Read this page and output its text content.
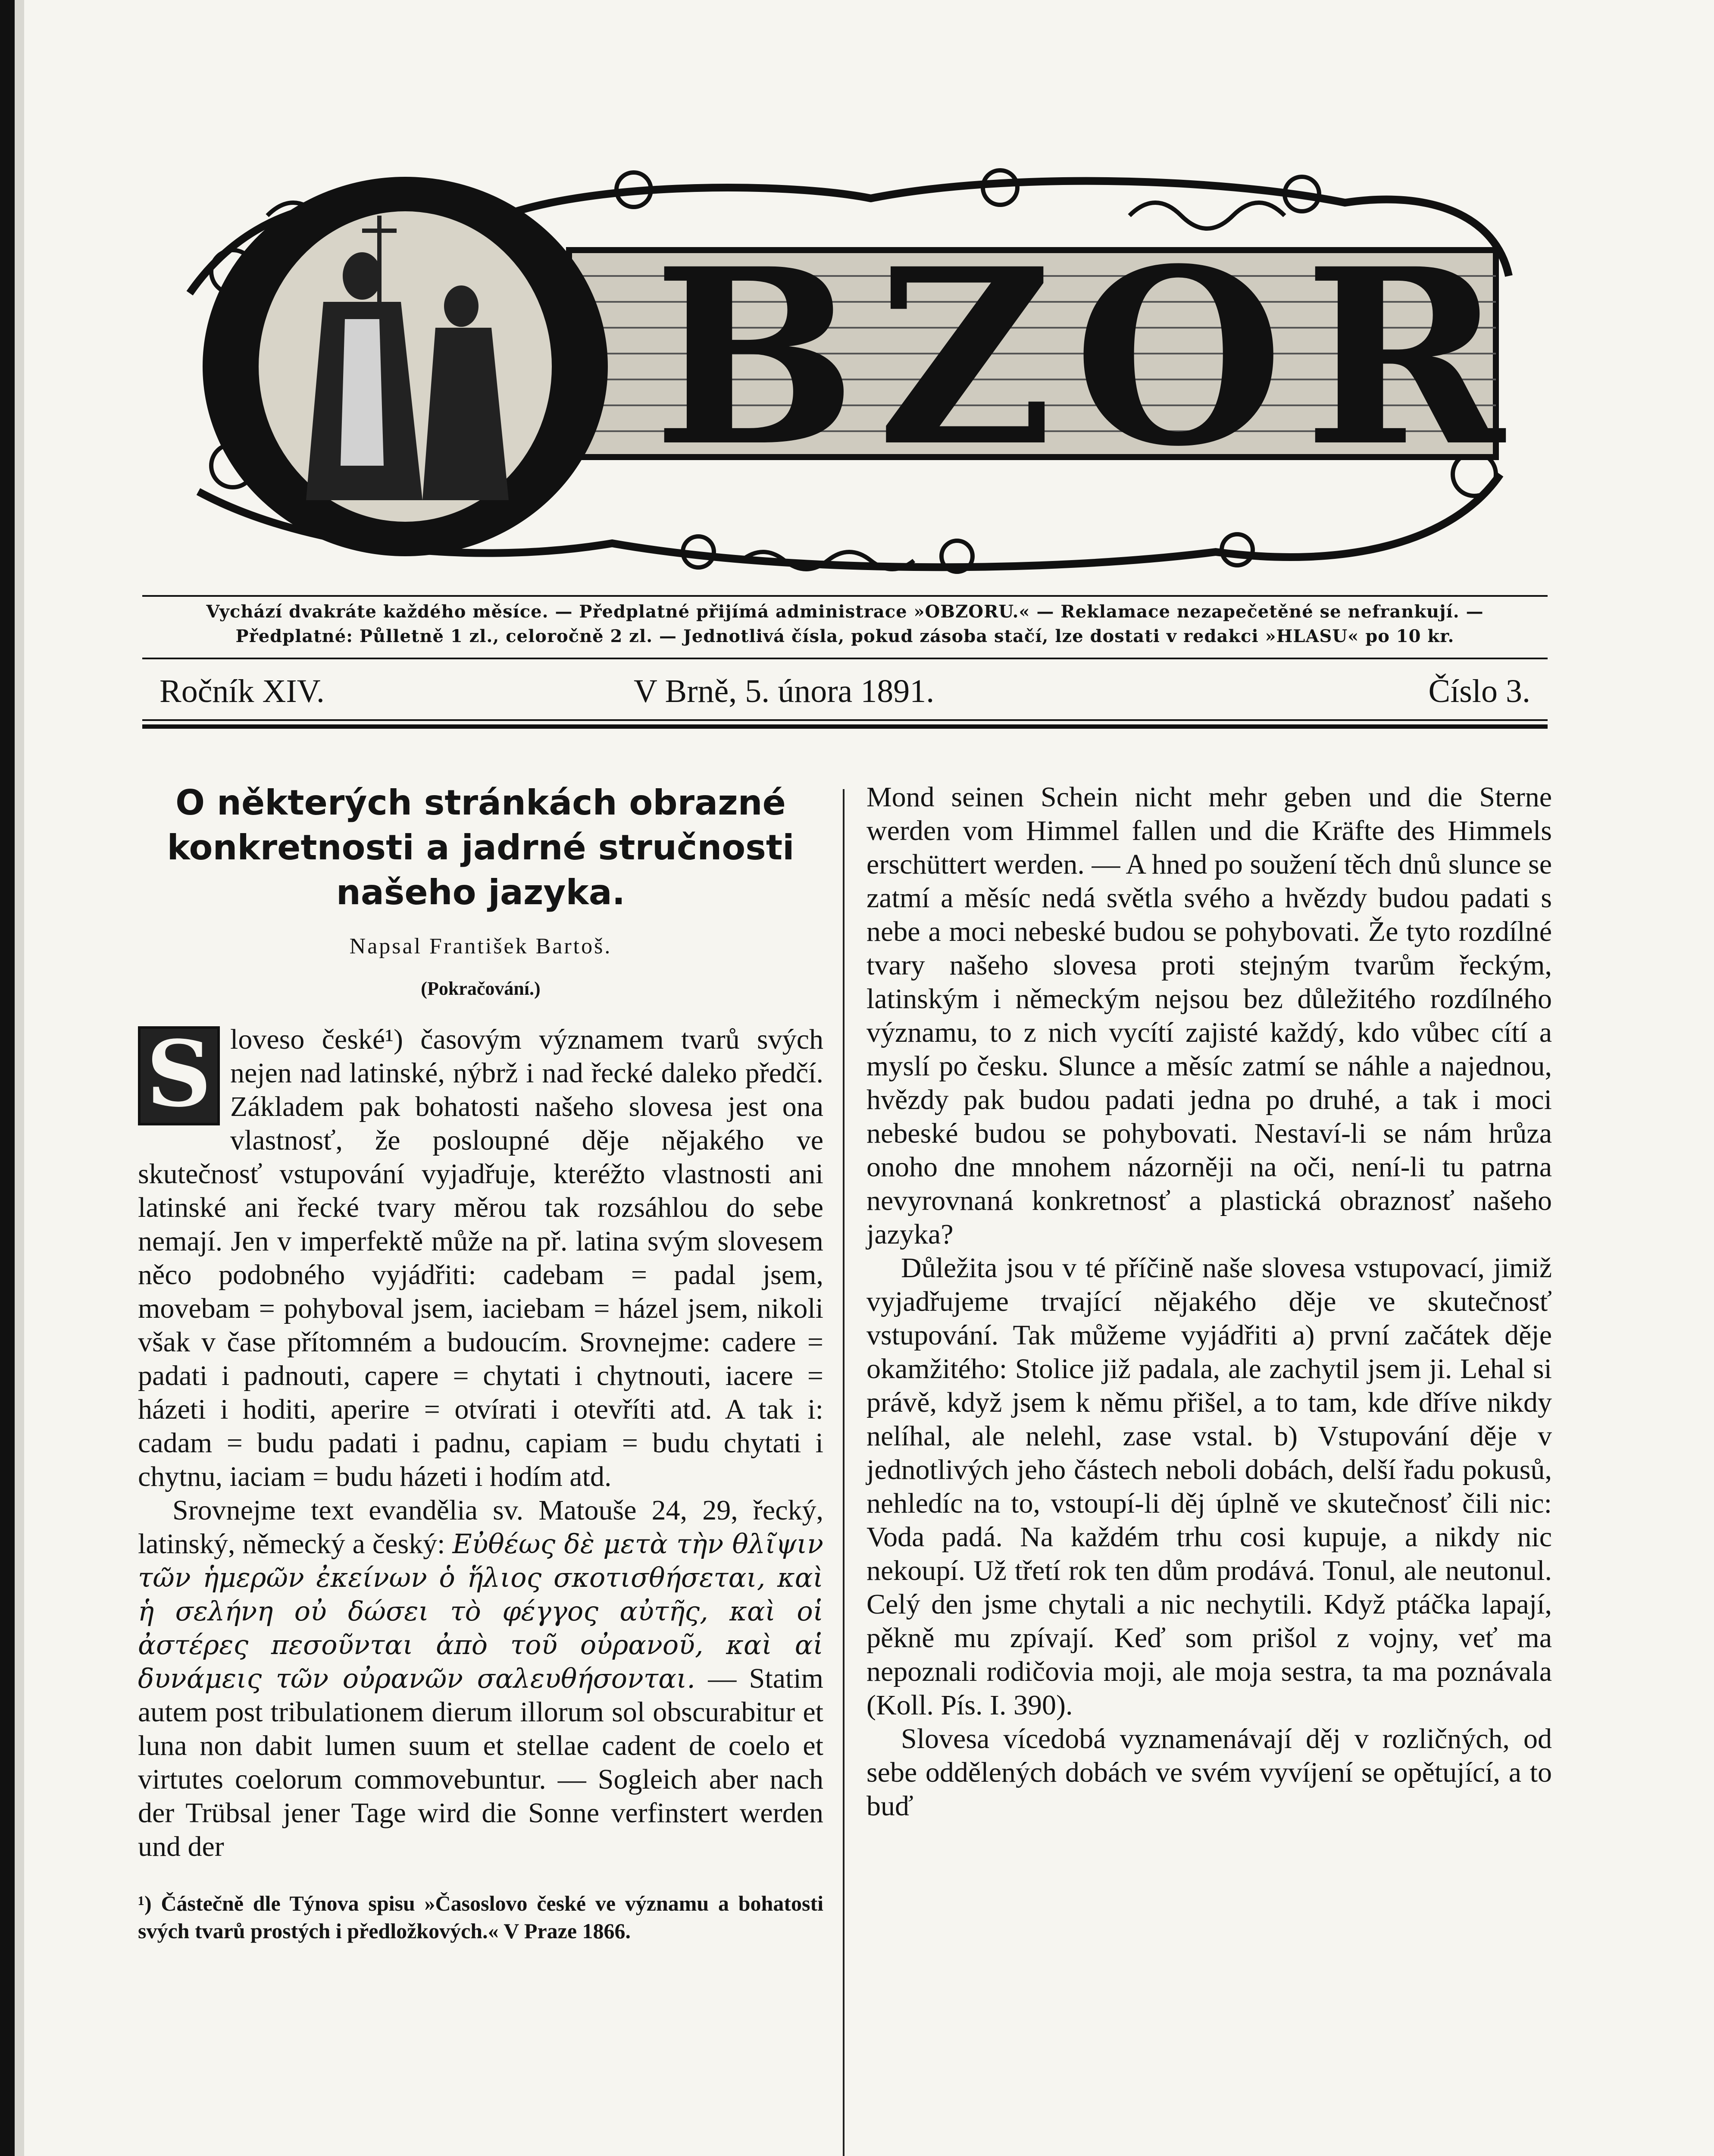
B Z O R
Vychází dvakráte každého měsíce. — Předplatné přijímá administrace »OBZORU.« — Reklamace nezapečetěné se nefrankují. —
Předplatné: Půlletně 1 zl., celoročně 2 zl. — Jednotlivá čísla, pokud zásoba stačí, lze dostati v redakci »HLASU« po 10 kr.
Ročník XIV.	V Brně, 5. února 1891.	Číslo 3.
O některých stránkách obrazné konkretnosti a jadrné stručnosti našeho jazyka.
Napsal František Bartoš.
(Pokračování.)

S loveso české¹) časovým významem tvarů svých nejen nad latinské, nýbrž i nad řecké daleko předčí. Základem pak bohatosti našeho slovesa jest ona vlastnosť, že posloupné děje nějakého ve skutečnosť vstupování vyjadřuje, kteréžto vlastnosti ani latinské ani řecké tvary měrou tak rozsáhlou do sebe nemají. Jen v imperfektě může na př. latina svým slovesem něco podobného vyjádřiti: cadebam = padal jsem, movebam = pohyboval jsem, iaciebam = házel jsem, nikoli však v čase přítomném a budoucím. Srovnejme: cadere = padati i padnouti, capere = chytati i chytnouti, iacere = házeti i hoditi, aperire = otvírati i otevříti atd. A tak i: cadam = budu padati i padnu, capiam = budu chytati i chytnu, iaciam = budu házeti i hodím atd.

Srovnejme text evandělia sv. Matouše 24, 29, řecký, latinský, německý a český: Εὐθέως δὲ μετὰ τὴν θλῖψιν τῶν ἡμερῶν ἐκείνων ὁ ἥλιος σκοτισθήσεται, καὶ ἡ σελήνη οὐ δώσει τὸ φέγγος αὐτῆς, καὶ οἱ ἀστέρες πεσοῦνται ἀπὸ τοῦ οὐρανοῦ, καὶ αἱ δυνάμεις τῶν οὐρανῶν σαλευθήσονται. — Statim autem post tribulationem dierum illorum sol obscurabitur et luna non dabit lumen suum et stellae cadent de coelo et virtutes coelorum commovebuntur. — Sogleich aber nach der Trübsal jener Tage wird die Sonne verfinstert werden und der

¹) Částečně dle Týnova spisu »Časoslovo české ve významu a bohatosti svých tvarů prostých i předložkových.« V Praze 1866.

Mond seinen Schein nicht mehr geben und die Sterne werden vom Himmel fallen und die Kräfte des Himmels erschüttert werden. — A hned po soužení těch dnů slunce se zatmí a měsíc nedá světla svého a hvězdy budou padati s nebe a moci nebeské budou se pohybovati. Že tyto rozdílné tvary našeho slovesa proti stejným tvarům řeckým, latinským i německým nejsou bez důležitého rozdílného významu, to z nich vycítí zajisté každý, kdo vůbec cítí a myslí po česku. Slunce a měsíc zatmí se náhle a najednou, hvězdy pak budou padati jedna po druhé, a tak i moci nebeské budou se pohybovati. Nestaví-li se nám hrůza onoho dne mnohem názorněji na oči, není-li tu patrna nevyrovnaná konkretnosť a plastická obraznosť našeho jazyka?

Důležita jsou v té příčině naše slovesa vstupovací, jimiž vyjadřujeme trvající nějakého děje ve skutečnosť vstupování. Tak můžeme vyjádřiti a) první začátek děje okamžitého: Stolice již padala, ale zachytil jsem ji. Lehal si právě, když jsem k němu přišel, a to tam, kde dříve nikdy nelíhal, ale nelehl, zase vstal. b) Vstupování děje v jednotlivých jeho částech neboli dobách, delší řadu pokusů, nehledíc na to, vstoupí-li děj úplně ve skutečnosť čili nic: Voda padá. Na každém trhu cosi kupuje, a nikdy nic nekoupí. Už třetí rok ten dům prodává. Tonul, ale neutonul. Celý den jsme chytali a nic nechytili. Když ptáčka lapají, pěkně mu zpívají. Keď som prišol z vojny, veť ma nepoznali rodičovia moji, ale moja sestra, ta ma poznávala (Koll. Pís. I. 390).

Slovesa vícedobá vyznamenávají děj v rozličných, od sebe oddělených dobách ve svém vyvíjení se opětující, a to buď
